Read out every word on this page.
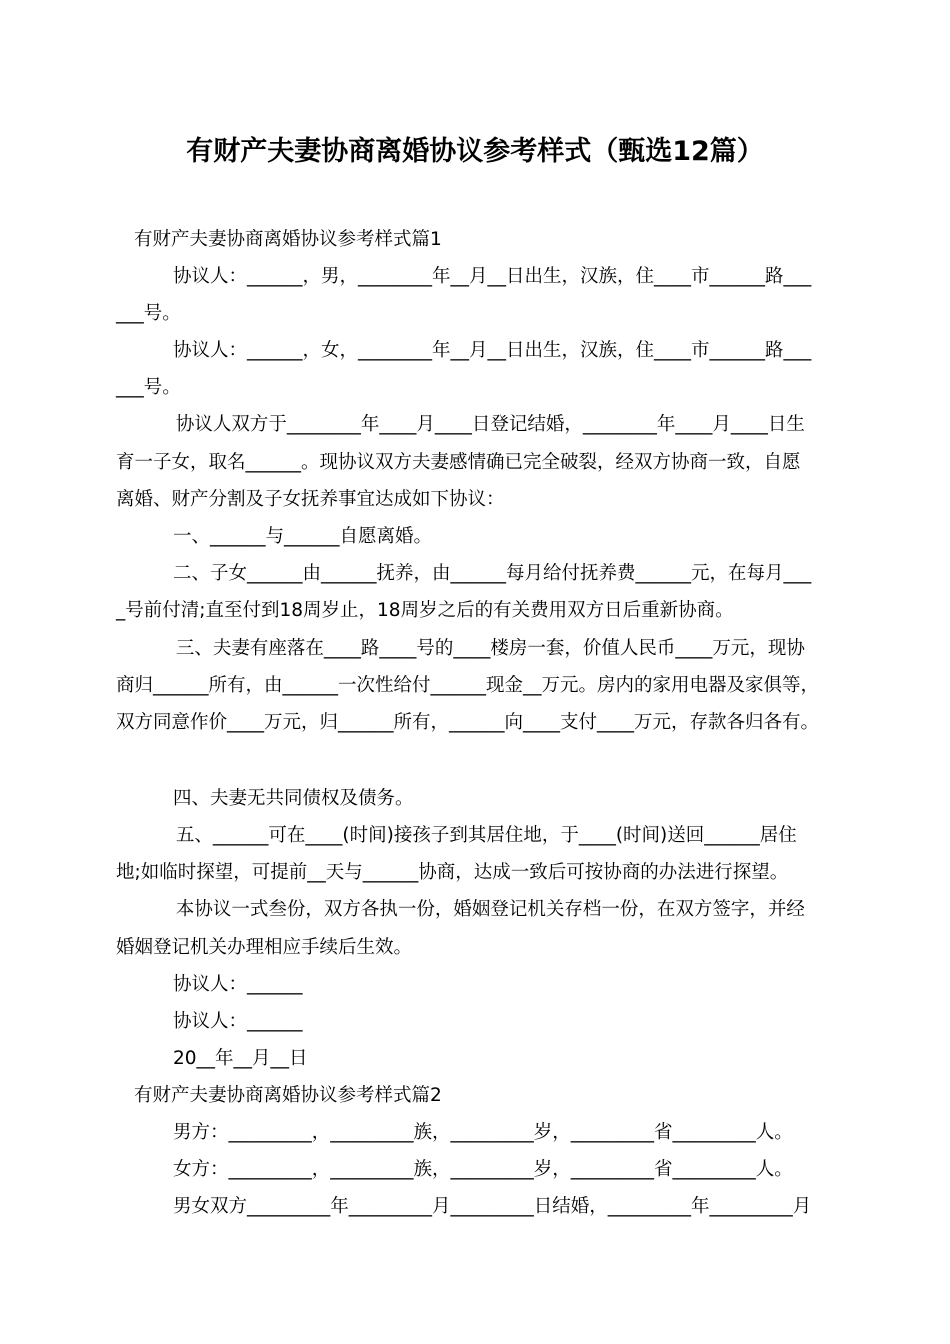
有财产夫妻协商离婚协议参考样式（甄选12篇）
有财产夫妻协商离婚协议参考样式篇1
协议人：______，男，________年__月__日出生，汉族，住____市______路___
___号。
协议人：______，女，________年__月__日出生，汉族，住____市______路___
___号。
协议人双方于________年____月____日登记结婚，________年____月____日生
育一子女，取名______。现协议双方夫妻感情确已完全破裂，经双方协商一致，自愿
离婚、财产分割及子女抚养事宜达成如下协议：
一、______与______自愿离婚。
二、子女______由______抚养，由______每月给付抚养费______元，在每月___
_号前付清;直至付到18周岁止，18周岁之后的有关费用双方日后重新协商。
三、夫妻有座落在____路____号的____楼房一套，价值人民币____万元，现协
商归______所有，由______一次性给付______现金__万元。房内的家用电器及家俱等，
双方同意作价____万元，归______所有，______向____支付____万元，存款各归各有。
四、夫妻无共同债权及债务。
五、______可在____(时间)接孩子到其居住地，于____(时间)送回______居住
地;如临时探望，可提前__天与______协商，达成一致后可按协商的办法进行探望。
本协议一式叁份，双方各执一份，婚姻登记机关存档一份，在双方签字，并经
婚姻登记机关办理相应手续后生效。
协议人：______
协议人：______
20__年__月__日
有财产夫妻协商离婚协议参考样式篇2
男方：_________，_________族，_________岁，_________省_________人。
女方：_________，_________族，_________岁，_________省_________人。
男女双方_________年_________月_________日结婚，_________年_________月
